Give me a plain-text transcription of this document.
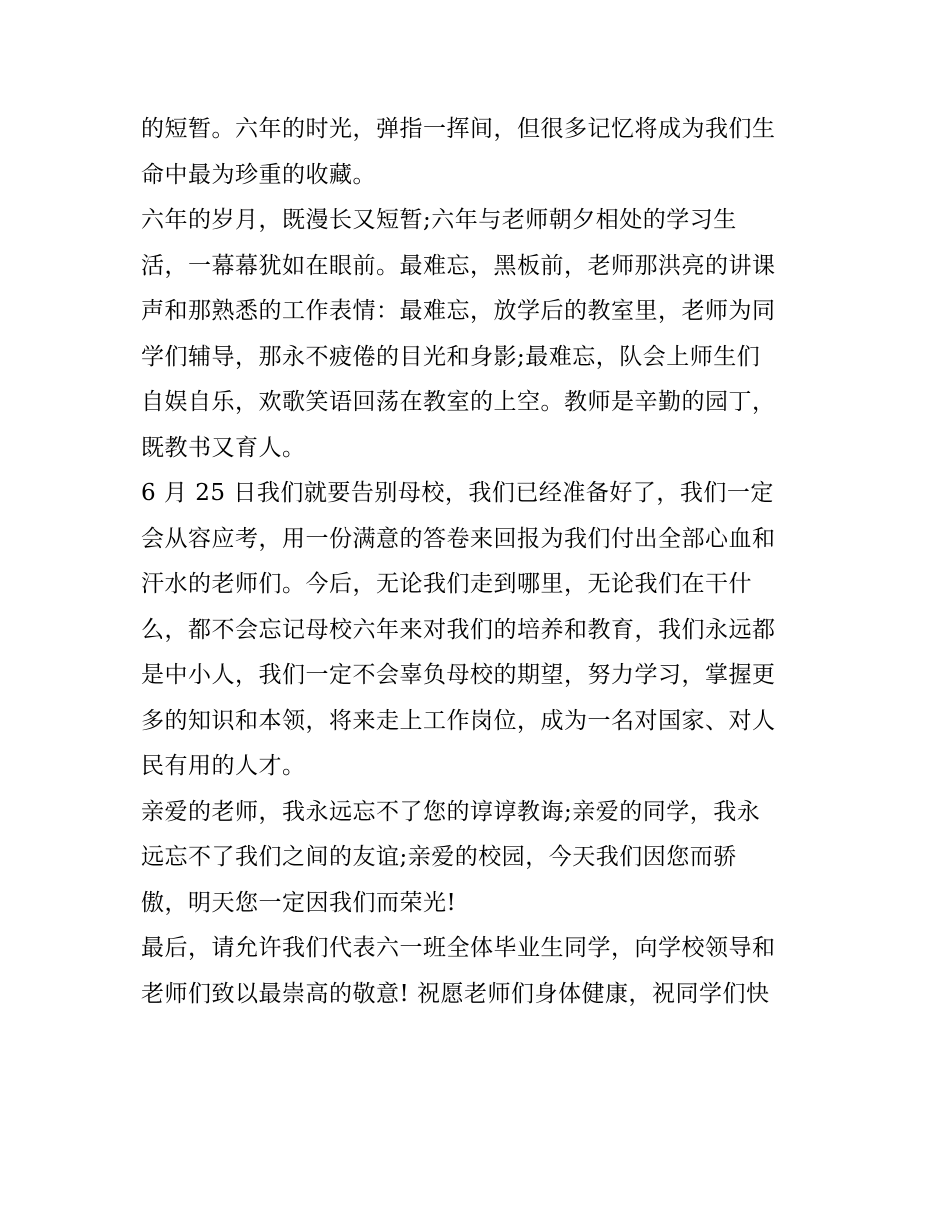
的短暂。六年的时光，弹指一挥间，但很多记忆将成为我们生
命中最为珍重的收藏。
六年的岁月，既漫长又短暂;六年与老师朝夕相处的学习生
活，一幕幕犹如在眼前。最难忘，黑板前，老师那洪亮的讲课
声和那熟悉的工作表情：最难忘，放学后的教室里，老师为同
学们辅导，那永不疲倦的目光和身影;最难忘，队会上师生们
自娱自乐，欢歌笑语回荡在教室的上空。教师是辛勤的园丁，
既教书又育人。
6 月 25 日我们就要告别母校，我们已经准备好了，我们一定
会从容应考，用一份满意的答卷来回报为我们付出全部心血和
汗水的老师们。今后，无论我们走到哪里，无论我们在干什
么，都不会忘记母校六年来对我们的培养和教育，我们永远都
是中小人，我们一定不会辜负母校的期望，努力学习，掌握更
多的知识和本领，将来走上工作岗位，成为一名对国家、对人
民有用的人才。
亲爱的老师，我永远忘不了您的谆谆教诲;亲爱的同学，我永
远忘不了我们之间的友谊;亲爱的校园，今天我们因您而骄
傲，明天您一定因我们而荣光!
最后，请允许我们代表六一班全体毕业生同学，向学校领导和
老师们致以最崇高的敬意! 祝愿老师们身体健康，祝同学们快
